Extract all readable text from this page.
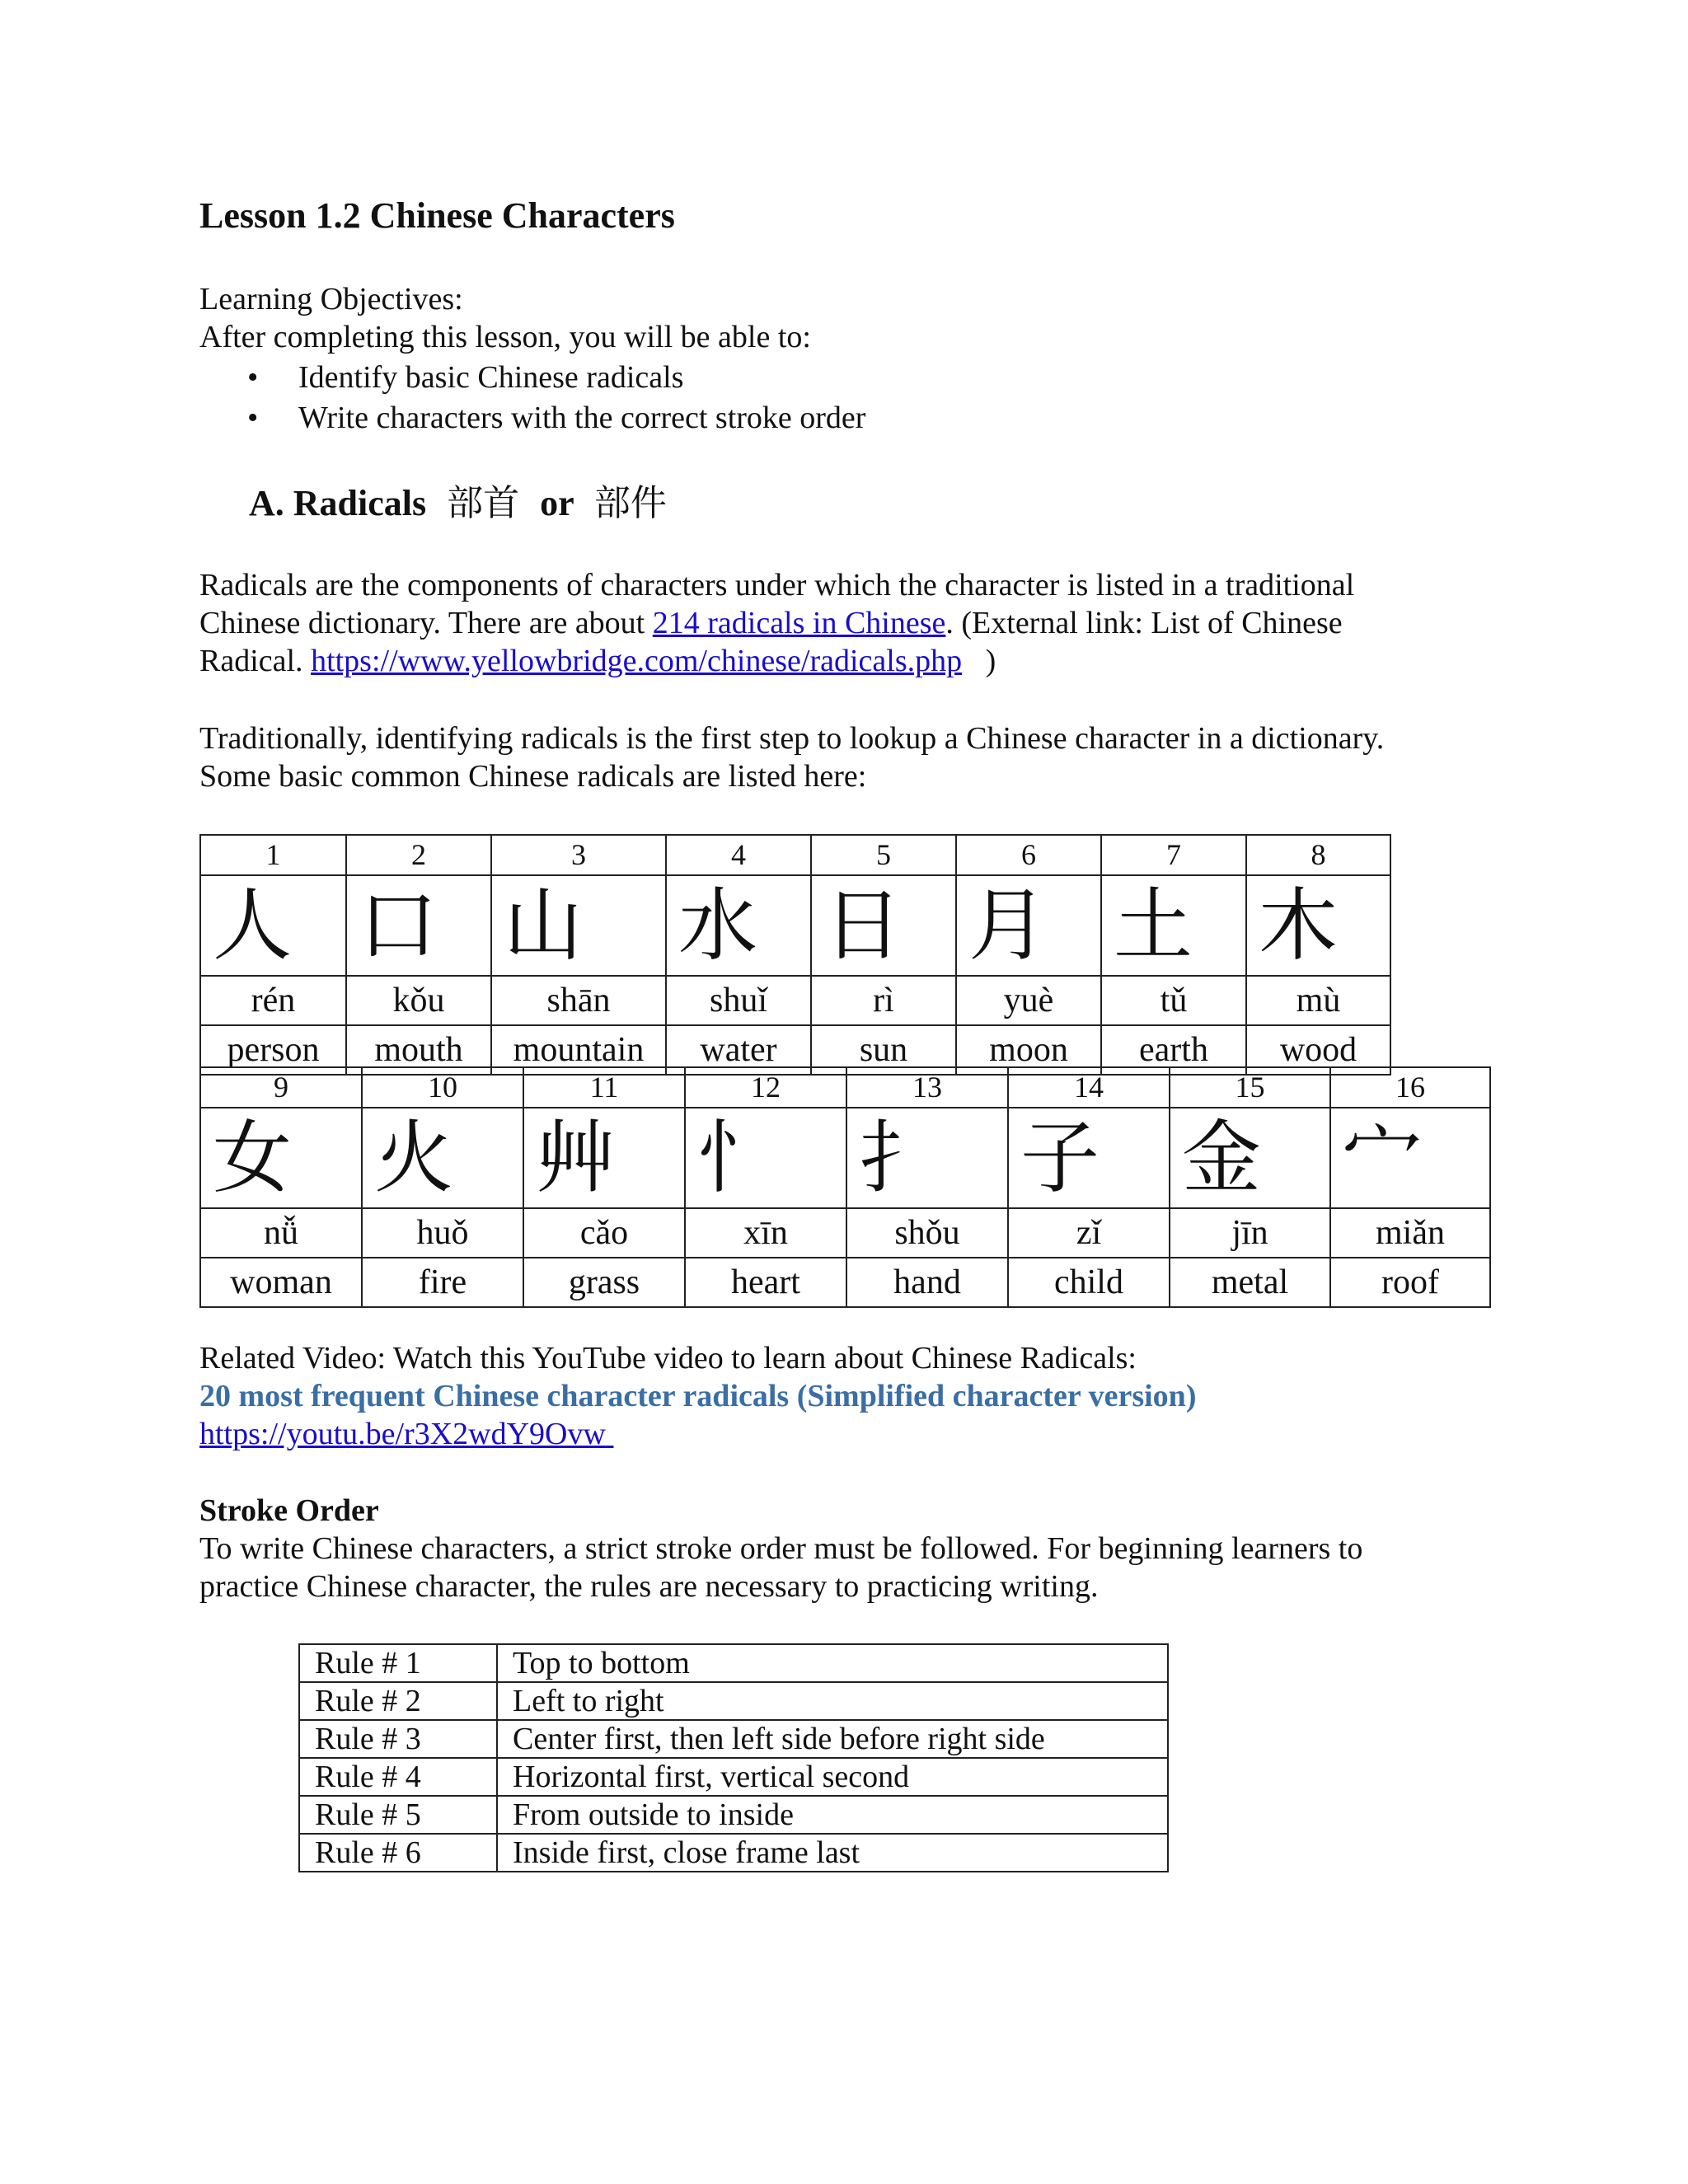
Lesson 1.2 Chinese Characters

Learning Objectives:

After completing this lesson, you will be able to:

• Identify basic Chinese radicals
• Write characters with the correct stroke order
A. Radicals 部首 or 部件
Radicals are the components of characters under which the character is listed in a traditional
Chinese dictionary. There are about 214 radicals in Chinese. (External link: List of Chinese
Radical. https://www.yellowbridge.com/chinese/radicals.php   )
Traditionally, identifying radicals is the first step to lookup a Chinese character in a dictionary.
Some basic common Chinese radicals are listed here:
1	2	3	4	5	6	7	8
人	口	山	水	日	月	土	木
rén	kǒu	shān	shuǐ	rì	yuè	tǔ	mù
person	mouth	mountain	water	sun	moon	earth	wood
9	10	11	12	13	14	15	16
女	火	艸	忄	扌	子	金	宀
nǚ	huǒ	cǎo	xīn	shǒu	zǐ	jīn	miǎn
woman	fire	grass	heart	hand	child	metal	roof
Related Video: Watch this YouTube video to learn about Chinese Radicals:
20 most frequent Chinese character radicals (Simplified character version)
https://youtu.be/r3X2wdY9Ovw
Stroke Order
To write Chinese characters, a strict stroke order must be followed. For beginning learners to
practice Chinese character, the rules are necessary to practicing writing.
Rule # 1	Top to bottom
Rule # 2	Left to right
Rule # 3	Center first, then left side before right side
Rule # 4	Horizontal first, vertical second
Rule # 5	From outside to inside
Rule # 6	Inside first, close frame last
